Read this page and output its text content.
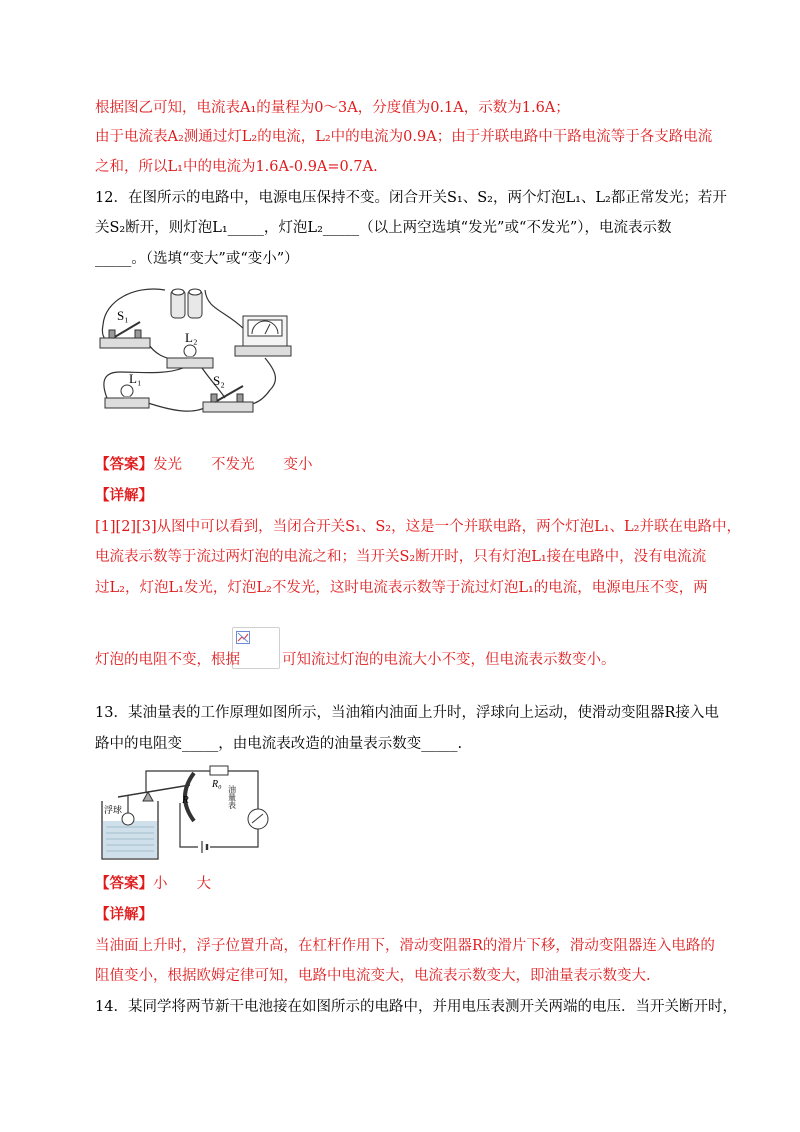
根据图乙可知，电流表A₁的量程为0～3A，分度值为0.1A，示数为1.6A；
由于电流表A₂测通过灯L₂的电流，L₂中的电流为0.9A；由于并联电路中干路电流等于各支路电流
之和，所以L₁中的电流为1.6A-0.9A=0.7A.
12．在图所示的电路中，电源电压保持不变。闭合开关S₁、S₂，两个灯泡L₁、L₂都正常发光；若开
关S₂断开，则灯泡L₁_____，灯泡L₂_____（以上两空选填“发光”或“不发光”），电流表示数
_____。（选填“变大”或“变小”）
S₁
L₂
L₁	S₂
【答案】发光　　不发光　　变小
【详解】
[1][2][3]从图中可以看到，当闭合开关S₁、S₂，这是一个并联电路，两个灯泡L₁、L₂并联在电路中，
电流表示数等于流过两灯泡的电流之和；当开关S₂断开时，只有灯泡L₁接在电路中，没有电流流
过L₂，灯泡L₁发光，灯泡L₂不发光，这时电流表示数等于流过灯泡L₁的电流，电源电压不变，两
灯泡的电阻不变，根据	可知流过灯泡的电流大小不变，但电流表示数变小。
13．某油量表的工作原理如图所示，当油箱内油面上升时，浮球向上运动，使滑动变阻器R接入电
路中的电阻变_____，由电流表改造的油量表示数变_____.
R₀
R	油量表
浮球
【答案】小　　大
【详解】
当油面上升时，浮子位置升高，在杠杆作用下，滑动变阻器R的滑片下移，滑动变阻器连入电路的
阻值变小，根据欧姆定律可知，电路中电流变大，电流表示数变大，即油量表示数变大.
14．某同学将两节新干电池接在如图所示的电路中，并用电压表测开关两端的电压．当开关断开时，
